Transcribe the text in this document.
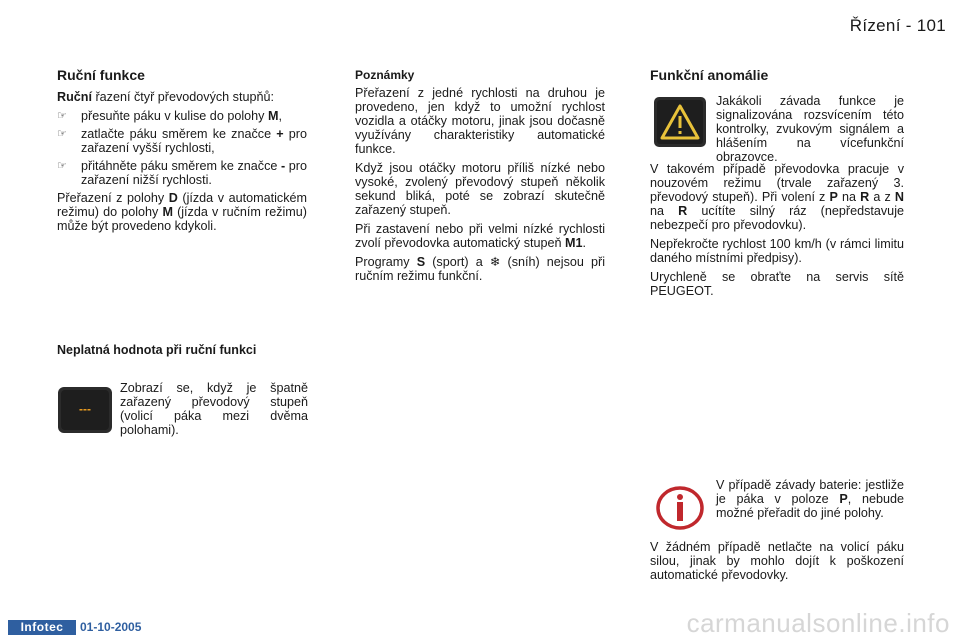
Řízení - 101
Ruční funkce

Ruční řazení čtyř převodových stupňů:

☞	přesuňte páku v kulise do polohy M,
☞	zatlačte páku směrem ke značce + pro zařazení vyšší rychlosti,
☞	přitáhněte páku směrem ke značce - pro zařazení nižší rychlosti.

Přeřazení z polohy D (jízda v automatickém režimu) do polohy M (jízda v ručním režimu) může být provedeno kdykoli.

Neplatná hodnota při ruční funkci
---
Zobrazí se, když je špatně zařazený převodový stupeň (volicí páka mezi dvěma polohami).
Poznámky

Přeřazení z jedné rychlosti na druhou je provedeno, jen když to umožní rychlost vozidla a otáčky motoru, jinak jsou dočasně využívány charakteristiky automatické funkce.

Když jsou otáčky motoru příliš nízké nebo vysoké, zvolený převodový stupeň několik sekund bliká, poté se zobrazí skutečně zařazený stupeň.

Při zastavení nebo při velmi nízké rychlosti zvolí převodovka automatický stupeň M1.

Programy S (sport) a ❄ (sníh) nejsou při ručním režimu funkční.

Funkční anomálie
Jakákoli závada funkce je signalizována rozsvícením této kontrolky, zvukovým signálem a hlášením na vícefunkční obrazovce.

V takovém případě převodovka pracuje v nouzovém režimu (trvale zařazený 3. převodový stupeň). Při volení z P na R a z N na R ucítíte silný ráz (nepředstavuje nebezpečí pro převodovku).

Nepřekročte rychlost 100 km/h (v rámci limitu daného místními předpisy).

Urychleně se obraťte na servis sítě PEUGEOT.

V případě závady baterie: jestliže je páka v poloze P, nebude možné přeřadit do jiné polohy.
V žádném případě netlačte na volicí páku silou, jinak by mohlo dojít k poškození automatické převodovky.
Infotec	01-10-2005	carmanualsonline.info
